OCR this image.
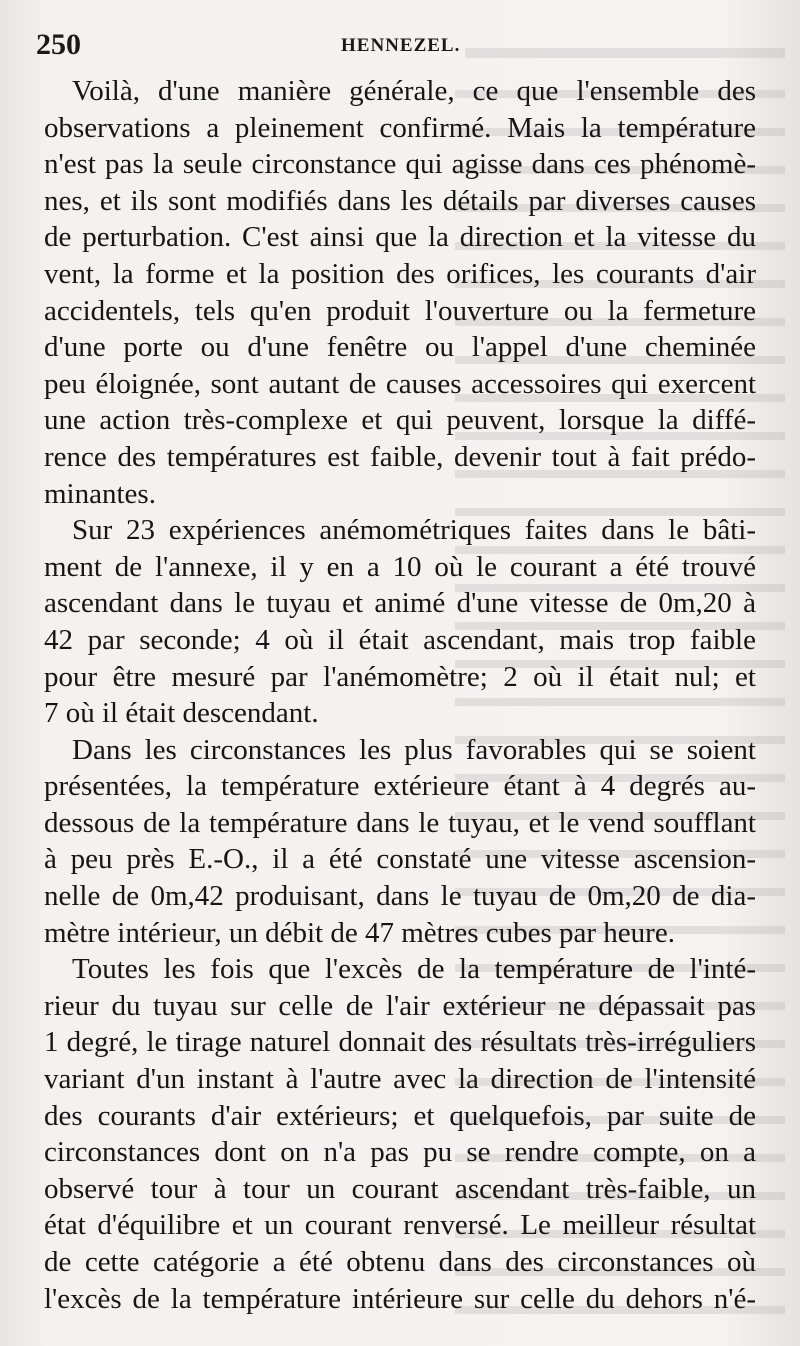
250	HENNEZEL.
Voilà, d'une manière générale, ce que l'ensemble des
observations a pleinement confirmé. Mais la température
n'est pas la seule circonstance qui agisse dans ces phénomè-
nes, et ils sont modifiés dans les détails par diverses causes
de perturbation. C'est ainsi que la direction et la vitesse du
vent, la forme et la position des orifices, les courants d'air
accidentels, tels qu'en produit l'ouverture ou la fermeture
d'une porte ou d'une fenêtre ou l'appel d'une cheminée
peu éloignée, sont autant de causes accessoires qui exercent
une action très-complexe et qui peuvent, lorsque la diffé-
rence des températures est faible, devenir tout à fait prédo-
minantes.
Sur 23 expériences anémométriques faites dans le bâti-
ment de l'annexe, il y en a 10 où le courant a été trouvé
ascendant dans le tuyau et animé d'une vitesse de 0m,20 à
42 par seconde; 4 où il était ascendant, mais trop faible
pour être mesuré par l'anémomètre; 2 où il était nul; et
7 où il était descendant.
Dans les circonstances les plus favorables qui se soient
présentées, la température extérieure étant à 4 degrés au-
dessous de la température dans le tuyau, et le vend soufflant
à peu près E.-O., il a été constaté une vitesse ascension-
nelle de 0m,42 produisant, dans le tuyau de 0m,20 de dia-
mètre intérieur, un débit de 47 mètres cubes par heure.
Toutes les fois que l'excès de la température de l'inté-
rieur du tuyau sur celle de l'air extérieur ne dépassait pas
1 degré, le tirage naturel donnait des résultats très-irréguliers
variant d'un instant à l'autre avec la direction de l'intensité
des courants d'air extérieurs; et quelquefois, par suite de
circonstances dont on n'a pas pu se rendre compte, on a
observé tour à tour un courant ascendant très-faible, un
état d'équilibre et un courant renversé. Le meilleur résultat
de cette catégorie a été obtenu dans des circonstances où
l'excès de la température intérieure sur celle du dehors n'é-
